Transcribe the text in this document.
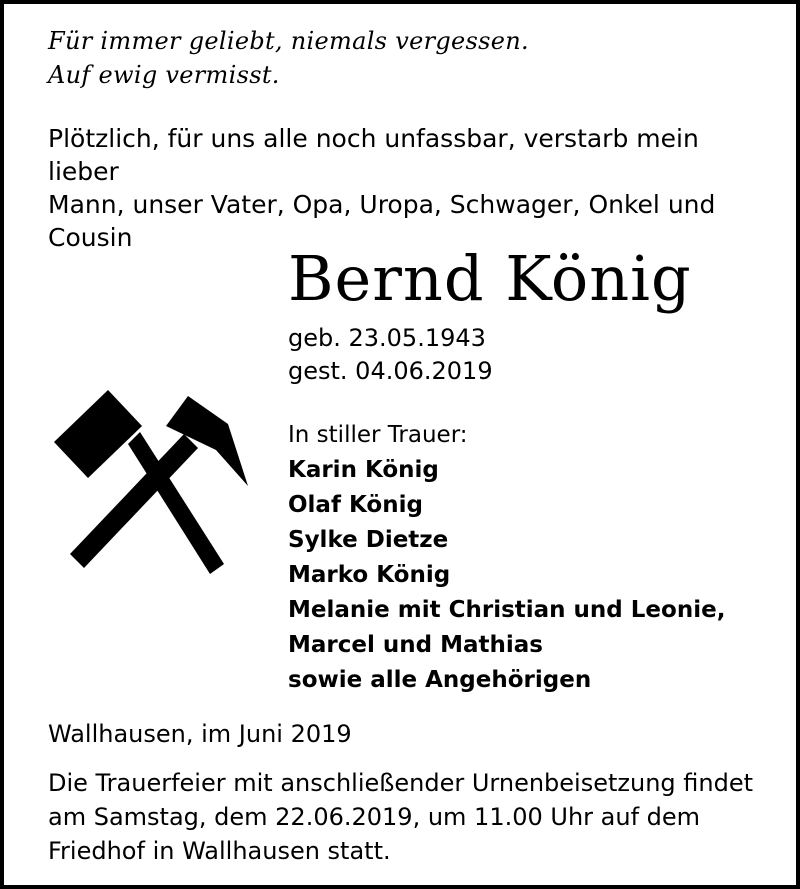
Für immer geliebt, niemals vergessen.
Auf ewig vermisst.
Plötzlich, für uns alle noch unfassbar, verstarb mein lieber
Mann, unser Vater, Opa, Uropa, Schwager, Onkel und
Cousin
Bernd König
geb. 23.05.1943
gest. 04.06.2019
In stiller Trauer:
Karin König
Olaf König
Sylke Dietze
Marko König
Melanie mit Christian und Leonie,
Marcel und Mathias
sowie alle Angehörigen
Wallhausen, im Juni 2019
Die Trauerfeier mit anschließender Urnenbeisetzung findet
am Samstag, dem 22.06.2019, um 11.00 Uhr auf dem
Friedhof in Wallhausen statt.
